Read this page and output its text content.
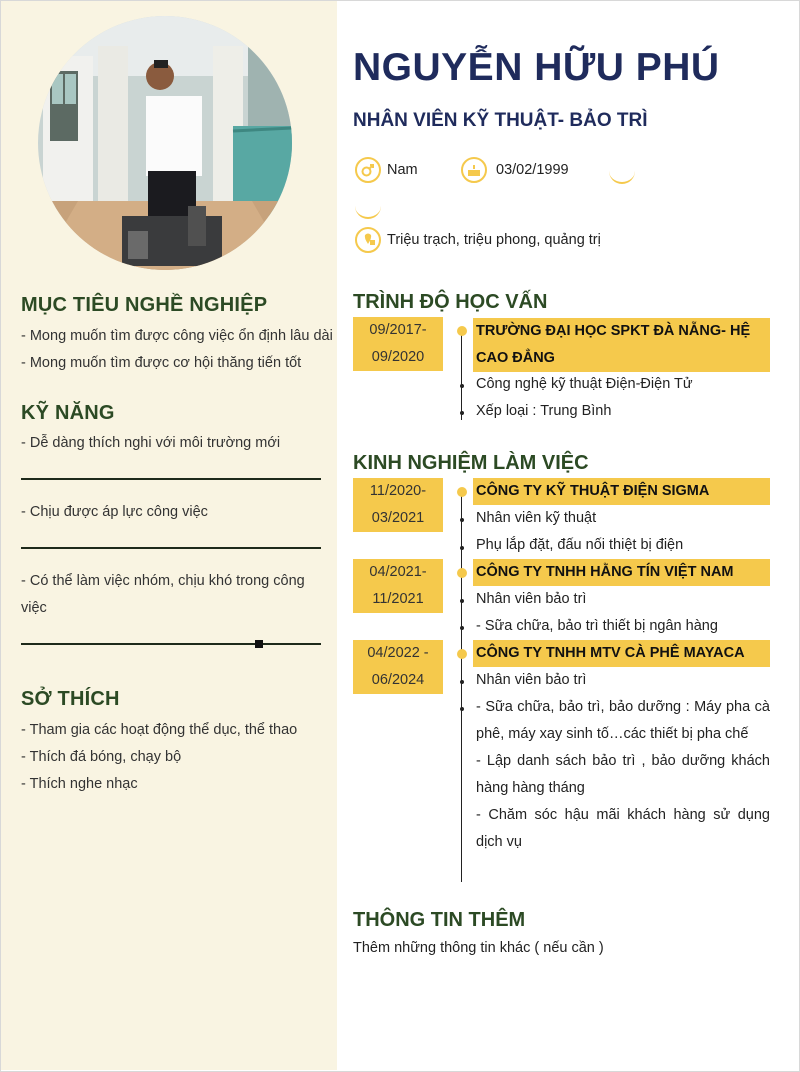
MỤC TIÊU NGHỀ NGHIỆP
- Mong muốn tìm được công việc ổn định lâu dài
- Mong muốn tìm được cơ hội thăng tiến tốt
KỸ NĂNG
- Dễ dàng thích nghi với môi trường mới
- Chịu được áp lực công việc
- Có thể làm việc nhóm, chịu khó trong công việc
SỞ THÍCH
- Tham gia các hoạt động thể dục, thể thao
- Thích đá bóng, chạy bộ
- Thích nghe nhạc
NGUYỄN HỮU PHÚ
NHÂN VIÊN KỸ THUẬT- BẢO TRÌ
Nam	03/02/1999
Triệu trạch, triệu phong, quảng trị
TRÌNH ĐỘ HỌC VẤN
09/2017- 09/2020
TRƯỜNG ĐẠI HỌC SPKT ĐÀ NẴNG- HỆ CAO ĐẲNG
Công nghệ kỹ thuật Điện-Điện Tử
Xếp loại : Trung Bình
KINH NGHIỆM LÀM VIỆC
11/2020- 03/2021
CÔNG TY KỸ THUẬT ĐIỆN SIGMA
Nhân viên kỹ thuật
Phụ lắp đặt, đấu nối thiệt bị điện
04/2021- 11/2021
CÔNG TY TNHH HẰNG TÍN VIỆT NAM
Nhân viên bảo trì
- Sữa chữa, bảo trì thiết bị ngân hàng
04/2022 - 06/2024
CÔNG TY TNHH MTV CÀ PHÊ MAYACA
Nhân viên bảo trì
- Sữa chữa, bảo trì, bảo dưỡng : Máy pha cà phê, máy xay sinh tố…các thiết bị pha chế
- Lập danh sách bảo trì , bảo dưỡng khách hàng hàng tháng
- Chăm sóc hậu mãi khách hàng sử dụng dịch vụ
THÔNG TIN THÊM
Thêm những thông tin khác ( nếu cần )
